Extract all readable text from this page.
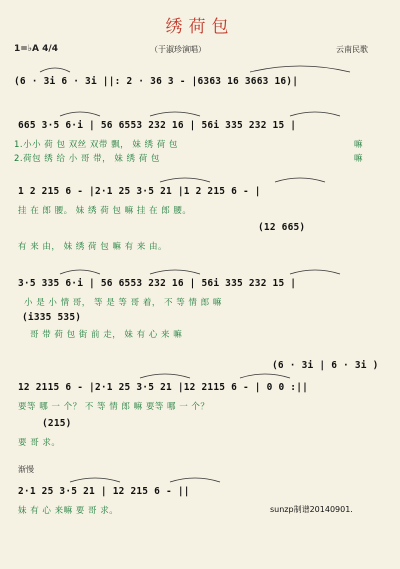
绣荷包
1=♭A 4/4	（于淑珍演唱）	云南民歌
(6 · 3i 6 · 3i ||: 2 · 36 3 - |6363 16 3663 16)|
665 3·5 6·i | 56 6553 232 16 | 56i 335 232 15 |
1.小小 荷 包 双丝 双带 飘， 妹 绣 荷 包	嘛
2.荷包 绣 给 小 哥 带， 妹 绣 荷 包	嘛
1 2 215 6 - |2·1 25 3·5 21 |1 2 215 6 - |
挂 在 郎 腰。 妹 绣 荷 包 嘛 挂 在 郎 腰。
(12 665)
有 来 由， 妹 绣 荷 包 嘛 有 来 由。
3·5 335 6·i | 56 6553 232 16 | 56i 335 232 15 |
小 是 小 情 哥， 等 是 等 哥 着， 不 等 情 郎 嘛
(i335 535)
哥 带 荷 包 街 前 走， 妹 有 心 来 嘛
(6 · 3i | 6 · 3i )
12 2115 6 - |2·1 25 3·5 21 |12 2115 6 - | 0 0 :||
要等 哪 一 个？ 不 等 情 郎 嘛 要等 哪 一 个？
(215)
要 哥 求。
渐慢
2·1 25 3·5 21 | 12 215 6 - ||
妹 有 心 来嘛 要 哥 求。	sunzp制谱20140901.
